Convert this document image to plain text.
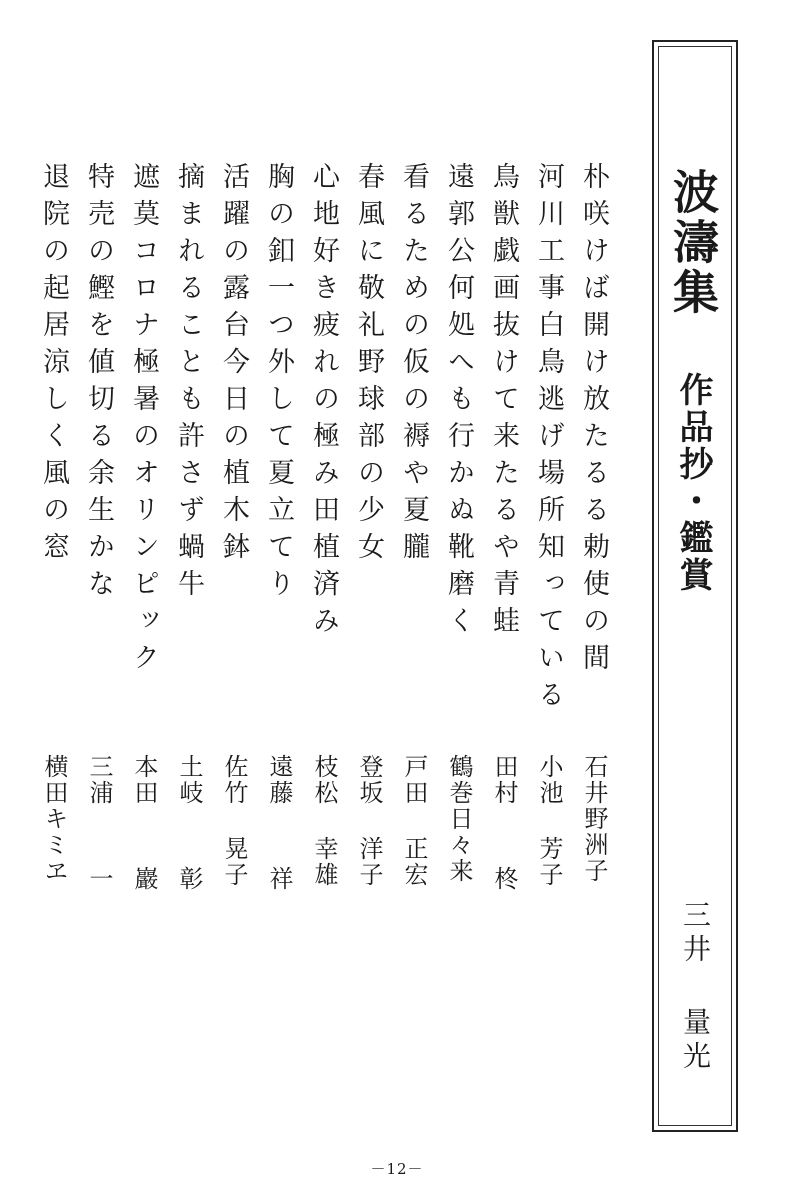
波濤集
作品抄・鑑賞
三井 量光
朴咲けば開け放たるる勅使の間
石井野洲子
河川工事白鳥逃げ場所知っている
小池 芳子
鳥獣戯画抜けて来たるや青蛙
田村  柊
遠郭公何処へも行かぬ靴磨く
鶴巻日々来
看るための仮の褥や夏朧
戸田 正宏
春風に敬礼野球部の少女
登坂 洋子
心地好き疲れの極み田植済み
枝松 幸雄
胸の釦一つ外して夏立てり
遠藤  祥
活躍の露台今日の植木鉢
佐竹 晃子
摘まれることも許さず蝸牛
土岐  彰
遮莫コロナ極暑のオリンピック
本田  巖
特売の鰹を値切る余生かな
三浦  一
退院の起居涼しく風の窓
横田キミヱ
－12－
